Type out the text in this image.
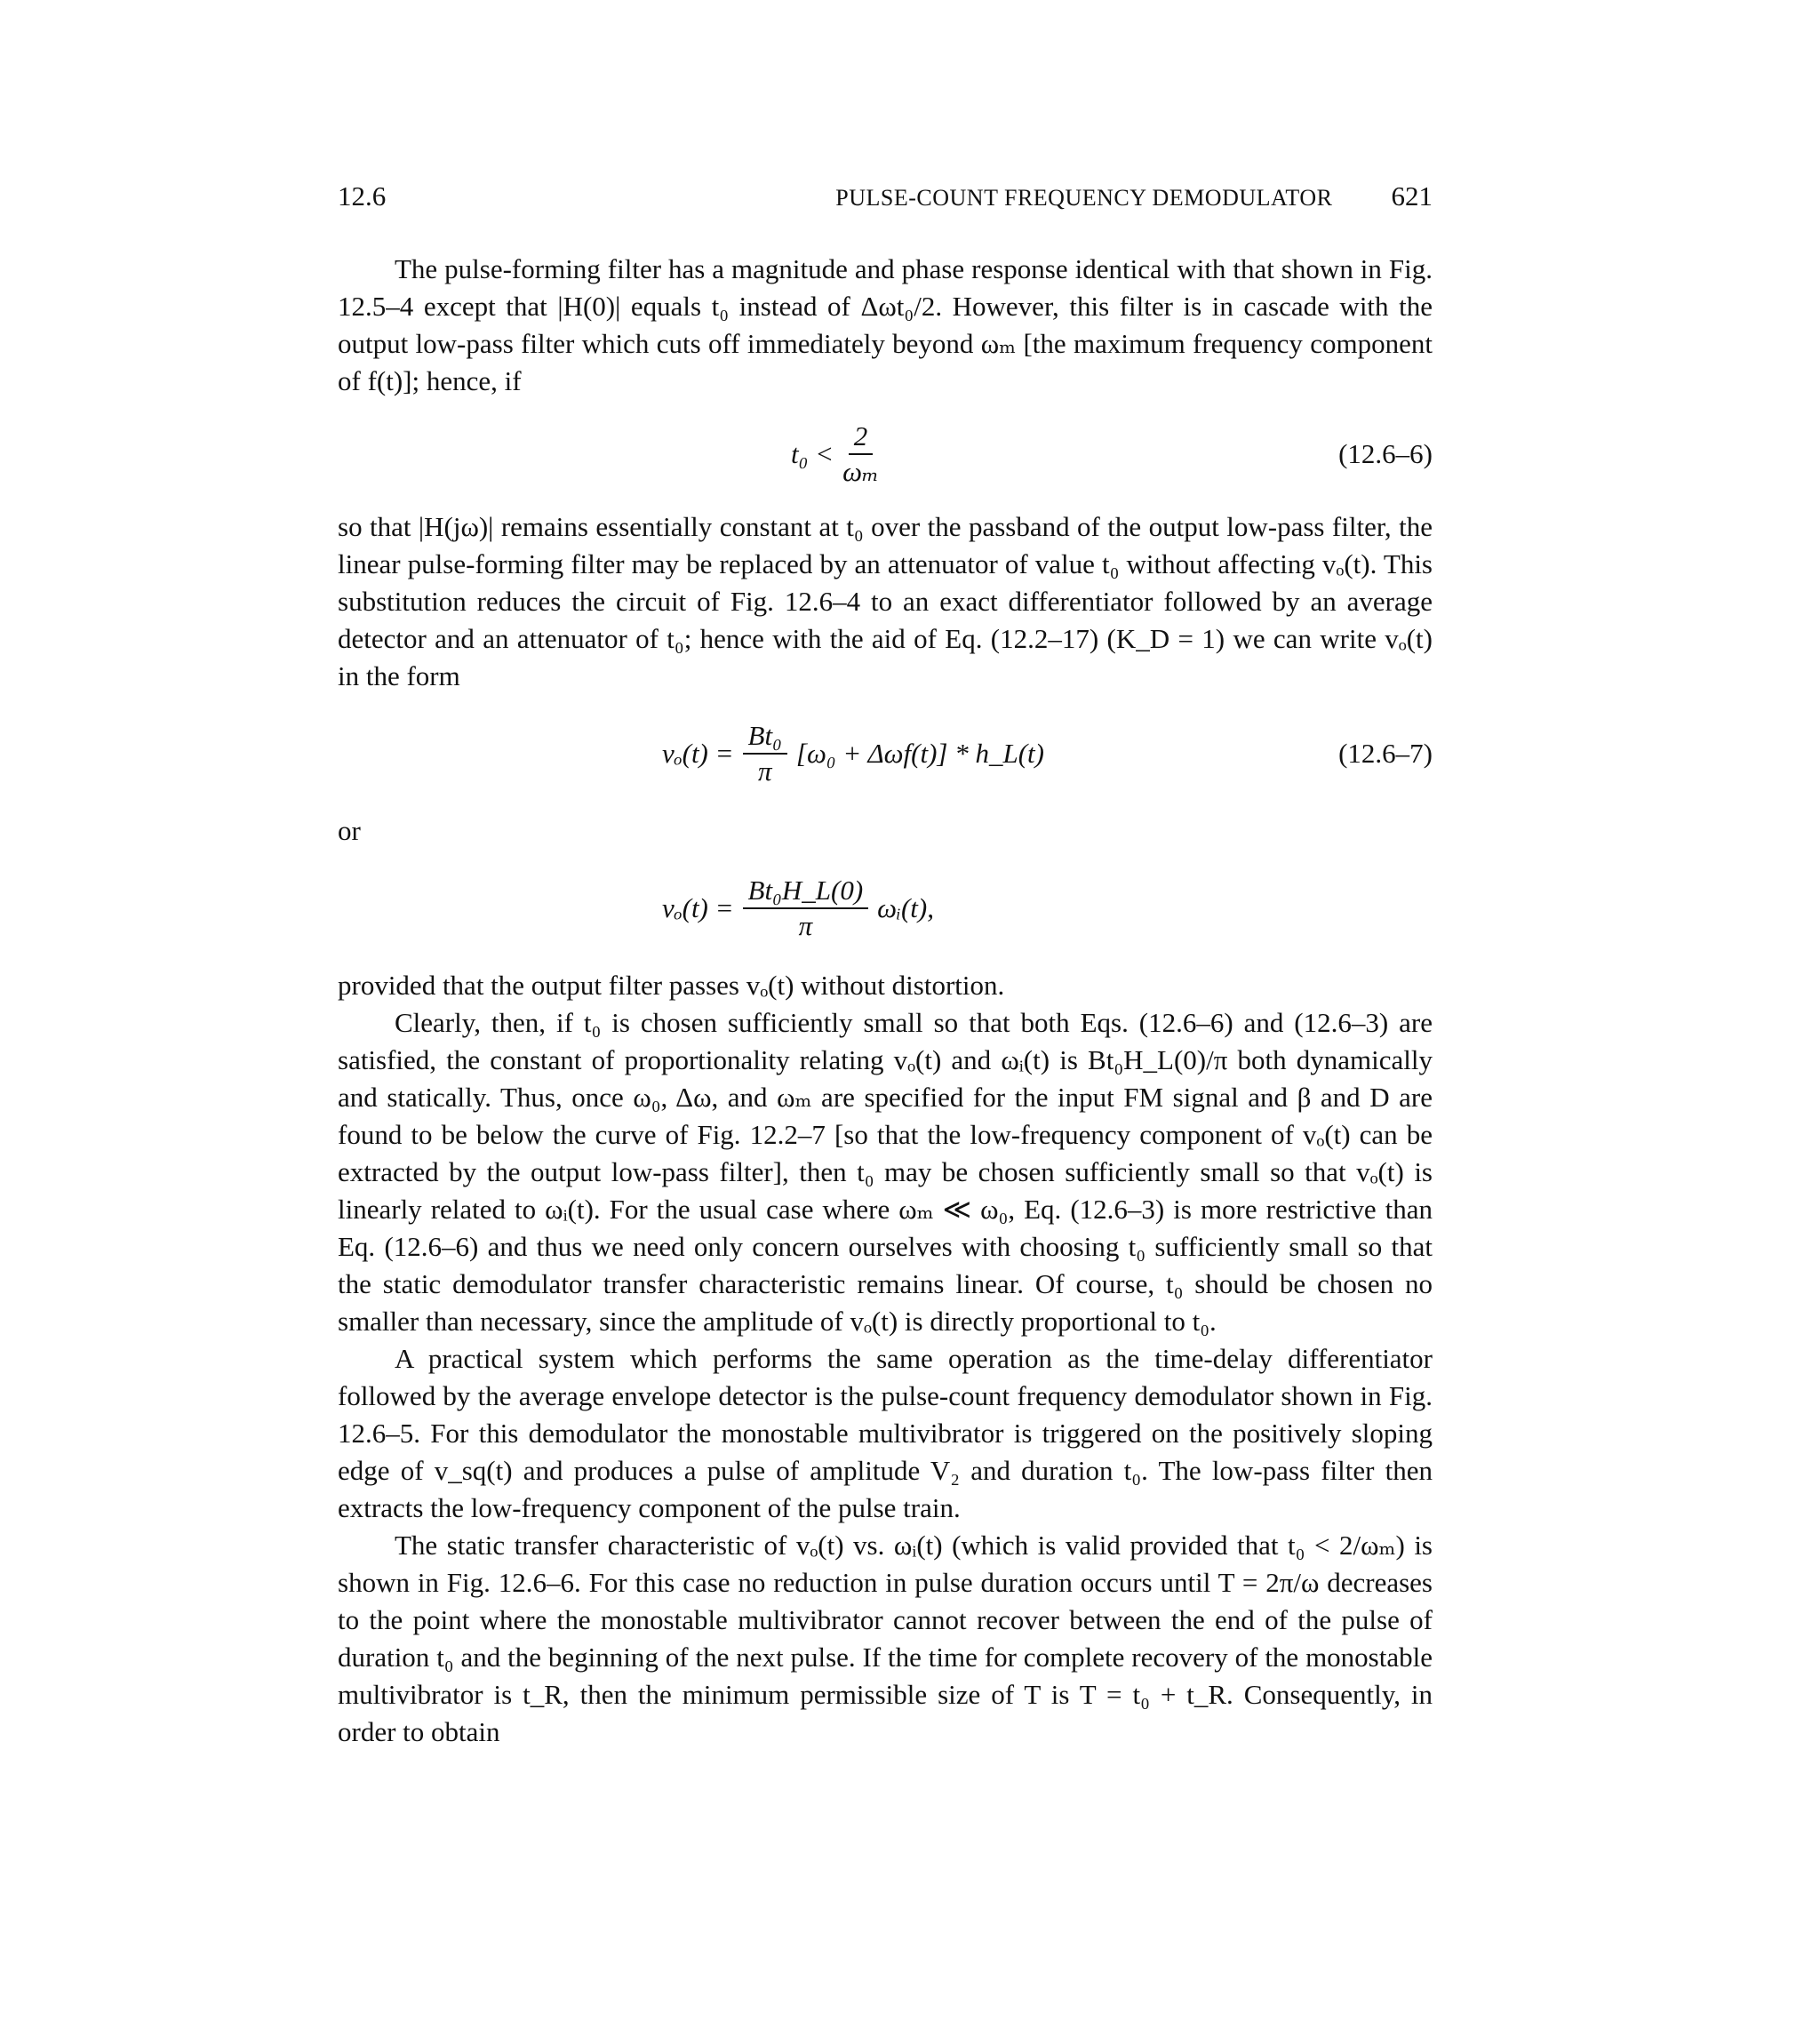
12.6	PULSE-COUNT FREQUENCY DEMODULATOR 621

The pulse-forming filter has a magnitude and phase response identical with that shown in Fig. 12.5–4 except that |H(0)| equals t₀ instead of Δωt₀/2. However, this filter is in cascade with the output low-pass filter which cuts off immediately beyond ωₘ [the maximum frequency component of f(t)]; hence, if

$t_0 < \frac{2}{\text{ωₘ}}$	(12.6–6)

so that |H(jω)| remains essentially constant at t₀ over the passband of the output low-pass filter, the linear pulse-forming filter may be replaced by an attenuator of value t₀ without affecting vₒ(t). This substitution reduces the circuit of Fig. 12.6–4 to an exact differentiator followed by an average detector and an attenuator of t₀; hence with the aid of Eq. (12.2–17) (K_D = 1) we can write vₒ(t) in the form

$v_o(t) = \frac{\text{Bt₀}}{\pi} [\omega_0 + \Delta\omega f(t)]$ * h_L(t)	(12.6–7)

or

$v_o(t) = \frac{\text{Bt₀H\_L(0)}}{\pi}$ ωᵢ(t),

provided that the output filter passes vₒ(t) without distortion.

Clearly, then, if t₀ is chosen sufficiently small so that both Eqs. (12.6–6) and (12.6–3) are satisfied, the constant of proportionality relating vₒ(t) and ωᵢ(t) is Bt₀H_L(0)/π both dynamically and statically. Thus, once ω₀, Δω, and ωₘ are specified for the input FM signal and β and D are found to be below the curve of Fig. 12.2–7 [so that the low-frequency component of vₒ(t) can be extracted by the output low-pass filter], then t₀ may be chosen sufficiently small so that vₒ(t) is linearly related to ωᵢ(t). For the usual case where ωₘ ≪ ω₀, Eq. (12.6–3) is more restrictive than Eq. (12.6–6) and thus we need only concern ourselves with choosing t₀ sufficiently small so that the static demodulator transfer characteristic remains linear. Of course, t₀ should be chosen no smaller than necessary, since the amplitude of vₒ(t) is directly proportional to t₀.

A practical system which performs the same operation as the time-delay differentiator followed by the average envelope detector is the pulse-count frequency demodulator shown in Fig. 12.6–5. For this demodulator the monostable multivibrator is triggered on the positively sloping edge of v_sq(t) and produces a pulse of amplitude V₂ and duration t₀. The low-pass filter then extracts the low-frequency component of the pulse train.

The static transfer characteristic of vₒ(t) vs. ωᵢ(t) (which is valid provided that t₀ < 2/ωₘ) is shown in Fig. 12.6–6. For this case no reduction in pulse duration occurs until T = 2π/ω decreases to the point where the monostable multivibrator cannot recover between the end of the pulse of duration t₀ and the beginning of the next pulse. If the time for complete recovery of the monostable multivibrator is t_R, then the minimum permissible size of T is T = t₀ + t_R. Consequently, in order to obtain
